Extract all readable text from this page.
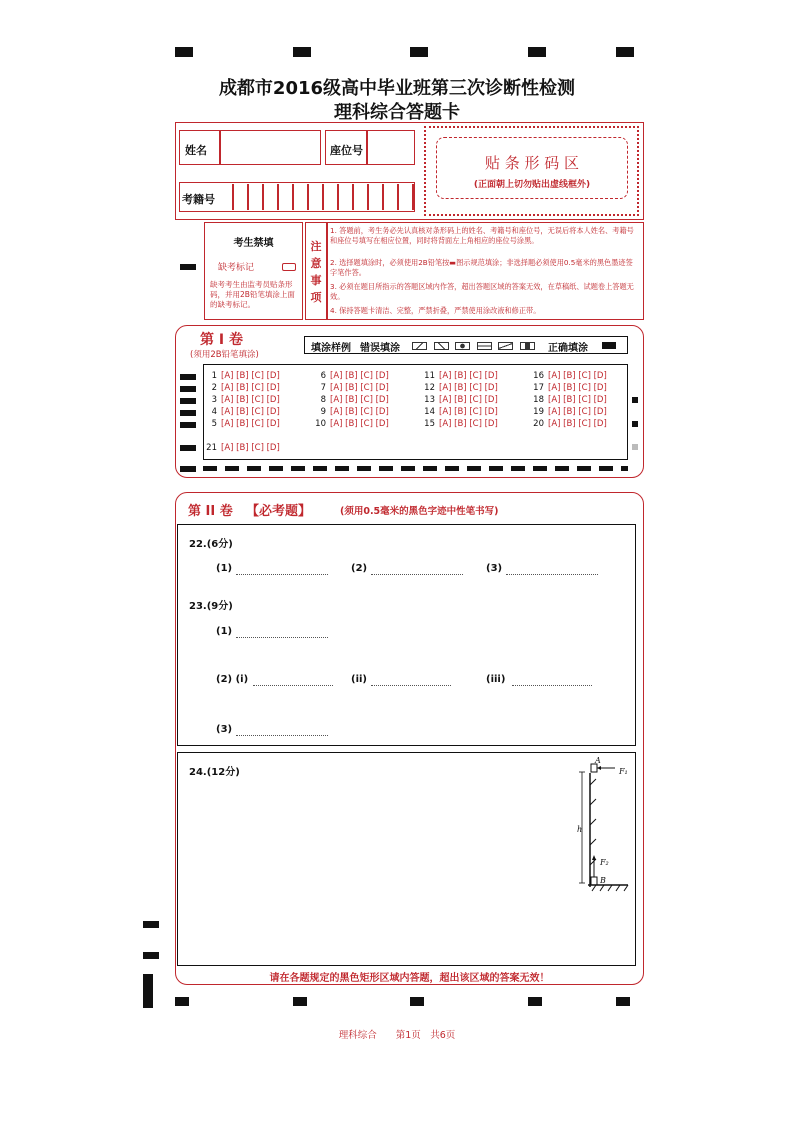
成都市2016级高中毕业班第三次诊断性检测
理科综合答题卡
姓名	座位号
考籍号
贴 条 形 码 区
(正面朝上切勿贴出虚线框外)
考生禁填
缺考标记
缺考考生由监考员贴条形码，并用2B铅笔填涂上面的缺考标记。
注意事项
1. 答题前，考生务必先认真核对条形码上的姓名、考籍号和座位号，无误后将本人姓名、考籍号和座位号填写在相应位置，同时将背面左上角相应的座位号涂黑。
2. 选择题填涂时，必须使用2B铅笔按▬图示规范填涂；非选择题必须使用0.5毫米的黑色墨迹签字笔作答。
3. 必须在题目所指示的答题区域内作答，超出答题区域的答案无效，在草稿纸、试题卷上答题无效。
4. 保持答题卡清洁、完整，严禁折叠，严禁使用涂改液和修正带。
第 I 卷
(须用2B铅笔填涂)
填涂样例 错误填涂
	正确填涂
1 [A] [B] [C] [D]
2 [A] [B] [C] [D]
3 [A] [B] [C] [D]
4 [A] [B] [C] [D]
5 [A] [B] [C] [D]
6 [A] [B] [C] [D]
7 [A] [B] [C] [D]
8 [A] [B] [C] [D]
9 [A] [B] [C] [D]
10 [A] [B] [C] [D]
11 [A] [B] [C] [D]
12 [A] [B] [C] [D]
13 [A] [B] [C] [D]
14 [A] [B] [C] [D]
15 [A] [B] [C] [D]
16 [A] [B] [C] [D]
17 [A] [B] [C] [D]
18 [A] [B] [C] [D]
19 [A] [B] [C] [D]
20 [A] [B] [C] [D]
21 [A] [B] [C] [D]
第 II 卷 【必考题】	(须用0.5毫米的黑色字迹中性笔书写)
22.(6分)
(1)	(2)	(3)
23.(9分)
(1)
(2) (i)	(ii)	(iii)
(3)
24.(12分)
A
F₁
h
F₂
B
请在各题规定的黑色矩形区域内答题，超出该区域的答案无效！
理科综合　　第1页　共6页
